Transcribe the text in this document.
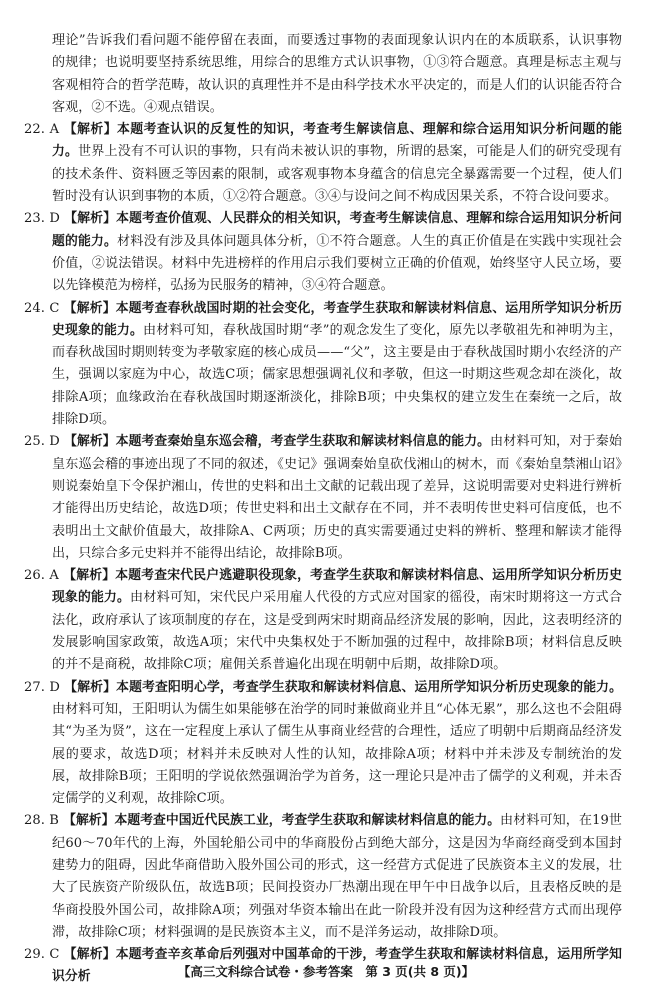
理论”告诉我们看问题不能停留在表面，而要透过事物的表面现象认识内在的本质联系，认识事物的规律；也说明要坚持系统思维，用综合的思维方式认识事物，①③符合题意。真理是标志主观与客观相符合的哲学范畴，故认识的真理性并不是由科学技术水平决定的，而是人们的认识能否符合客观，②不选。④观点错误。
22. A 【解析】本题考查认识的反复性的知识，考查考生解读信息、理解和综合运用知识分析问题的能力。世界上没有不可认识的事物，只有尚未被认识的事物，所谓的悬案，可能是人们的研究受现有的技术条件、资料匮乏等因素的限制，或客观事物本身蕴含的信息完全暴露需要一个过程，使人们暂时没有认识到事物的本质，①②符合题意。③④与设问之间不构成因果关系，不符合设问要求。
23. D 【解析】本题考查价值观、人民群众的相关知识，考查考生解读信息、理解和综合运用知识分析问题的能力。材料没有涉及具体问题具体分析，①不符合题意。人生的真正价值是在实践中实现社会价值，②说法错误。材料中先进榜样的作用启示我们要树立正确的价值观，始终坚守人民立场，要以先锋模范为榜样，弘扬为民服务的精神，③④符合题意。
24. C 【解析】本题考查春秋战国时期的社会变化，考查学生获取和解读材料信息、运用所学知识分析历史现象的能力。由材料可知，春秋战国时期“孝”的观念发生了变化，原先以孝敬祖先和神明为主，而春秋战国时期则转变为孝敬家庭的核心成员——“父”，这主要是由于春秋战国时期小农经济的产生，强调以家庭为中心，故选C项；儒家思想强调礼仪和孝敬，但这一时期这些观念却在淡化，故排除A项；血缘政治在春秋战国时期逐渐淡化，排除B项；中央集权的建立发生在秦统一之后，故排除D项。
25. D 【解析】本题考查秦始皇东巡会稽，考查学生获取和解读材料信息的能力。由材料可知，对于秦始皇东巡会稽的事迹出现了不同的叙述，《史记》强调秦始皇砍伐湘山的树木，而《秦始皇禁湘山诏》则说秦始皇下令保护湘山，传世的史料和出土文献的记载出现了差异，这说明需要对史料进行辨析才能得出历史结论，故选D项；传世史料和出土文献存在不同，并不表明传世史料可信度低，也不表明出土文献价值最大，故排除A、C两项；历史的真实需要通过史料的辨析、整理和解读才能得出，只综合多元史料并不能得出结论，故排除B项。
26. A 【解析】本题考查宋代民户逃避职役现象，考查学生获取和解读材料信息、运用所学知识分析历史现象的能力。由材料可知，宋代民户采用雇人代役的方式应对国家的徭役，南宋时期将这一方式合法化，政府承认了该项制度的存在，这是受到两宋时期商品经济发展的影响，因此，这表明经济的发展影响国家政策，故选A项；宋代中央集权处于不断加强的过程中，故排除B项；材料信息反映的并不是商税，故排除C项；雇佣关系普遍化出现在明朝中后期，故排除D项。
27. D 【解析】本题考查阳明心学，考查学生获取和解读材料信息、运用所学知识分析历史现象的能力。由材料可知，王阳明认为儒生如果能够在治学的同时兼做商业并且“心体无累”，那么这也不会阻碍其“为圣为贤”，这在一定程度上承认了儒生从事商业经营的合理性，适应了明朝中后期商品经济发展的要求，故选D项；材料并未反映对人性的认知，故排除A项；材料中并未涉及专制统治的发展，故排除B项；王阳明的学说依然强调治学为首务，这一理论只是冲击了儒学的义利观，并未否定儒学的义利观，故排除C项。
28. B 【解析】本题考查中国近代民族工业，考查学生获取和解读材料信息的能力。由材料可知，在19世纪60～70年代的上海，外国轮船公司中的华商股份占到绝大部分，这是因为华商经商受到本国封建势力的阻碍，因此华商借助入股外国公司的形式，这一经营方式促进了民族资本主义的发展，壮大了民族资产阶级队伍，故选B项；民间投资办厂热潮出现在甲午中日战争以后，且表格反映的是华商投股外国公司，故排除A项；列强对华资本输出在此一阶段并没有因为这种经营方式而出现停滞，故排除C项；材料强调的是民族资本主义，而不是洋务运动，故排除D项。
29. C 【解析】本题考查辛亥革命后列强对中国革命的干涉，考查学生获取和解读材料信息，运用所学知识分析	【高三文科综合试卷・参考答案　第 3 页(共 8 页)】
